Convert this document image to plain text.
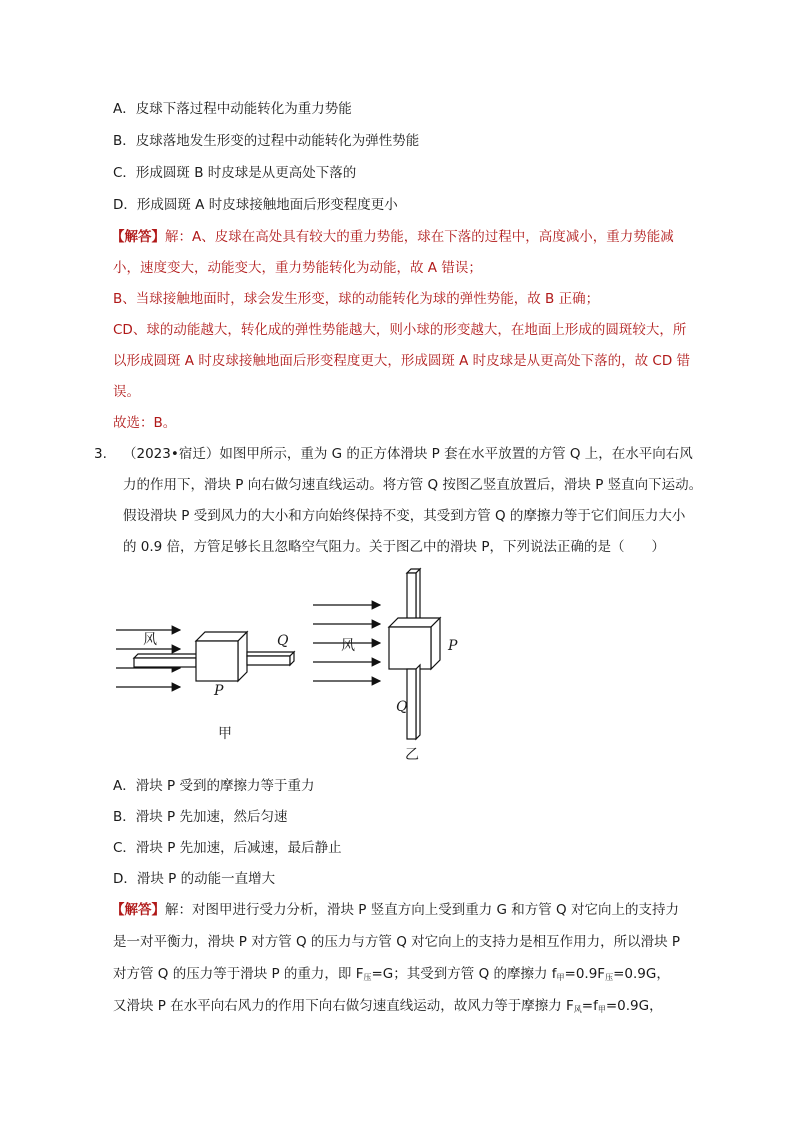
A．皮球下落过程中动能转化为重力势能
B．皮球落地发生形变的过程中动能转化为弹性势能
C．形成圆斑 B 时皮球是从更高处下落的
D．形成圆斑 A 时皮球接触地面后形变程度更小
【解答】解：A、皮球在高处具有较大的重力势能，球在下落的过程中，高度减小，重力势能减
小，速度变大，动能变大，重力势能转化为动能，故 A 错误；
B、当球接触地面时，球会发生形变，球的动能转化为球的弹性势能，故 B 正确；
CD、球的动能越大，转化成的弹性势能越大，则小球的形变越大，在地面上形成的圆斑较大，所
以形成圆斑 A 时皮球接触地面后形变程度更大，形成圆斑 A 时皮球是从更高处下落的，故 CD 错
误。
故选：B。
3. （2023•宿迁）如图甲所示，重为 G 的正方体滑块 P 套在水平放置的方管 Q 上，在水平向右风
力的作用下，滑块 P 向右做匀速直线运动。将方管 Q 按图乙竖直放置后，滑块 P 竖直向下运动。
假设滑块 P 受到风力的大小和方向始终保持不变，其受到方管 Q 的摩擦力等于它们间压力大小
的 0.9 倍，方管足够长且忽略空气阻力。关于图乙中的滑块 P，下列说法正确的是（　　）
风	Q
P
甲
风	P
Q
乙
A．滑块 P 受到的摩擦力等于重力
B．滑块 P 先加速，然后匀速
C．滑块 P 先加速，后减速，最后静止
D．滑块 P 的动能一直增大
【解答】解：对图甲进行受力分析，滑块 P 竖直方向上受到重力 G 和方管 Q 对它向上的支持力
是一对平衡力，滑块 P 对方管 Q 的压力与方管 Q 对它向上的支持力是相互作用力，所以滑块 P
对方管 Q 的压力等于滑块 P 的重力，即 $F_压=G$；其受到方管 Q 的摩擦力 $f_甲=0.9F_压=0.9G$，
又滑块 P 在水平向右风力的作用下向右做匀速直线运动，故风力等于摩擦力 $F_风=f_甲=0.9G$，
